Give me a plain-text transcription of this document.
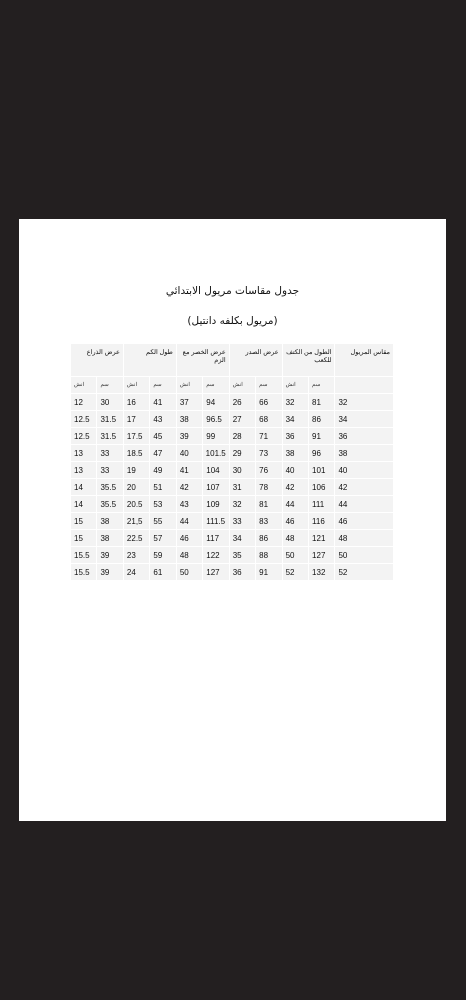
جدول مقاسات مريول الابتدائي
(مريول بكلفه دانتيل)
مقاس المريول	الطول من الكتف للكعب		عرض الصدر		عرض الخصر مع الزم		طول الكم		عرض الذراع	
	سم	انش	سم	انش	سم	انش	سم	انش	سم	انش
32	81	32	66	26	94	37	41	16	30	12
34	86	34	68	27	96.5	38	43	17	31.5	12.5
36	91	36	71	28	99	39	45	17.5	31.5	12.5
38	96	38	73	29	101.5	40	47	18.5	33	13
40	101	40	76	30	104	41	49	19	33	13
42	106	42	78	31	107	42	51	20	35.5	14
44	111	44	81	32	109	43	53	20.5	35.5	14
46	116	46	83	33	111.5	44	55	21,5	38	15
48	121	48	86	34	117	46	57	22.5	38	15
50	127	50	88	35	122	48	59	23	39	15.5
52	132	52	91	36	127	50	61	24	39	15.5
